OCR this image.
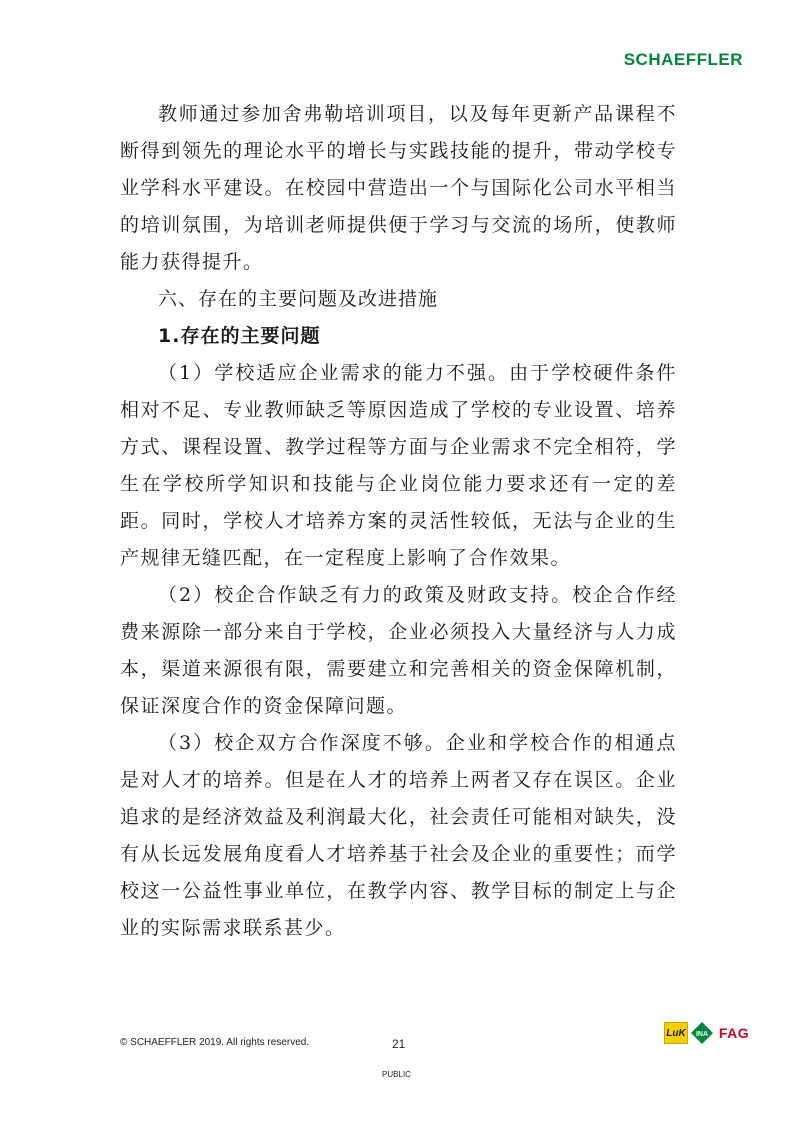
SCHAEFFLER

教师通过参加舍弗勒培训项目，以及每年更新产品课程不断得到领先的理论水平的增长与实践技能的提升，带动学校专业学科水平建设。在校园中营造出一个与国际化公司水平相当的培训氛围，为培训老师提供便于学习与交流的场所，使教师能力获得提升。

六、存在的主要问题及改进措施

1.存在的主要问题

（1）学校适应企业需求的能力不强。由于学校硬件条件相对不足、专业教师缺乏等原因造成了学校的专业设置、培养方式、课程设置、教学过程等方面与企业需求不完全相符，学生在学校所学知识和技能与企业岗位能力要求还有一定的差距。同时，学校人才培养方案的灵活性较低，无法与企业的生产规律无缝匹配，在一定程度上影响了合作效果。

（2）校企合作缺乏有力的政策及财政支持。校企合作经费来源除一部分来自于学校，企业必须投入大量经济与人力成本，渠道来源很有限，需要建立和完善相关的资金保障机制，保证深度合作的资金保障问题。

（3）校企双方合作深度不够。企业和学校合作的相通点是对人才的培养。但是在人才的培养上两者又存在误区。企业追求的是经济效益及利润最大化，社会责任可能相对缺失，没有从长远发展角度看人才培养基于社会及企业的重要性；而学校这一公益性事业单位，在教学内容、教学目标的制定上与企业的实际需求联系甚少。

© SCHAEFFLER 2019. All rights reserved.	21
PUBLIC
LuK INA FAG
